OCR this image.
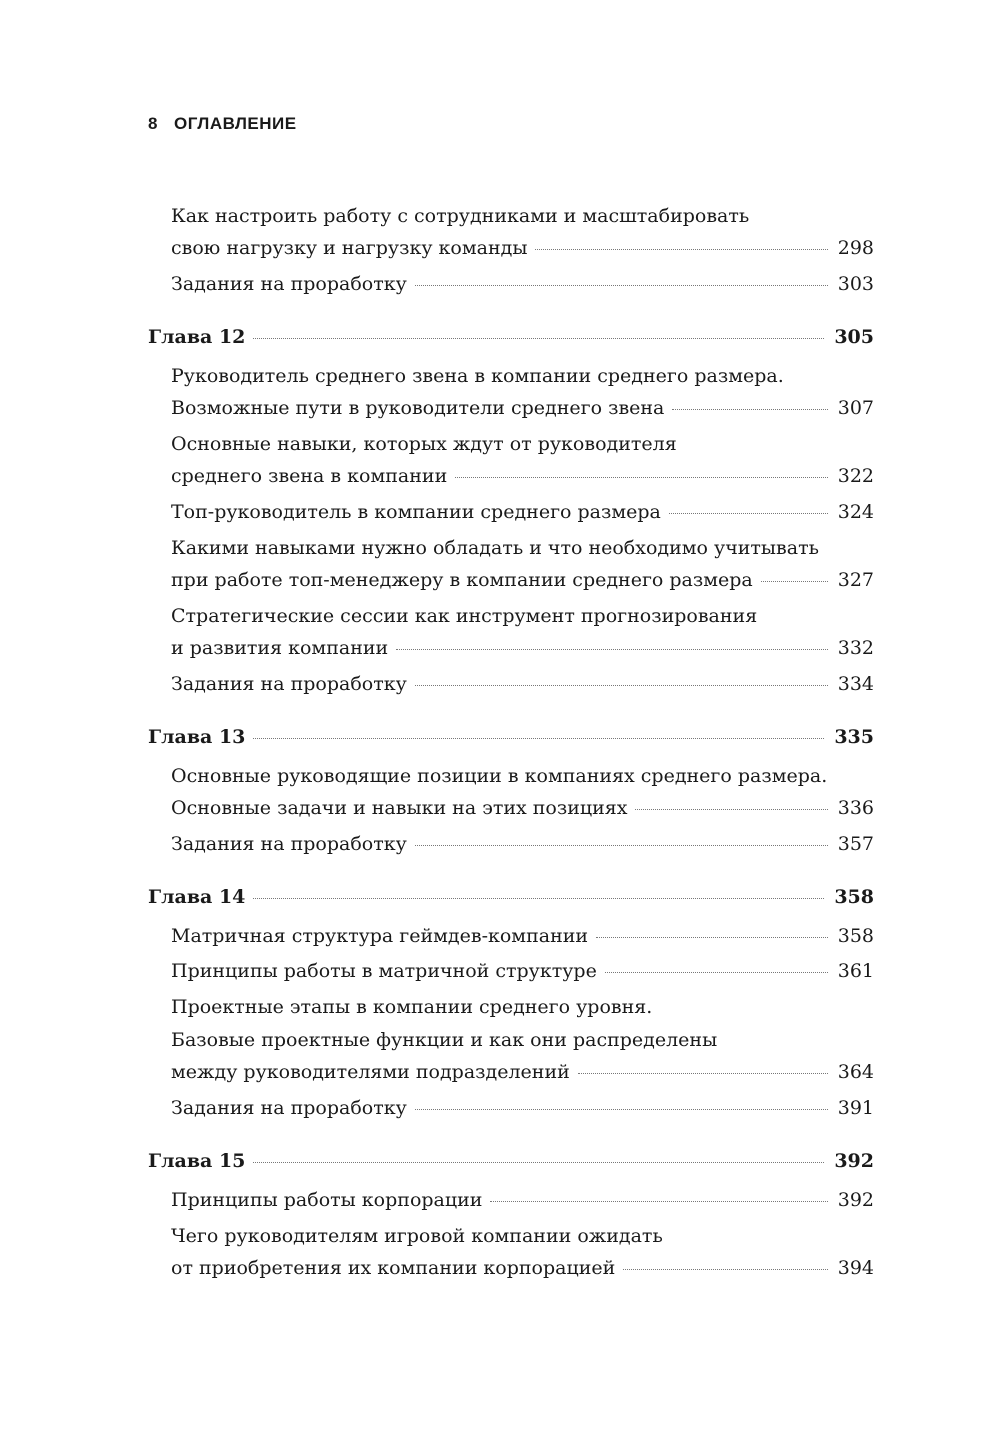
8 ОГЛАВЛЕНИЕ
Как настроить работу с сотрудниками и масштабировать
свою нагрузку и нагрузку команды	298
Задания на проработку	303
Глава 12	305
Руководитель среднего звена в компании среднего размера.
Возможные пути в руководители среднего звена	307
Основные навыки, которых ждут от руководителя
среднего звена в компании	322
Топ-руководитель в компании среднего размера	324
Какими навыками нужно обладать и что необходимо учитывать
при работе топ-менеджеру в компании среднего размера	327
Стратегические сессии как инструмент прогнозирования
и развития компании	332
Задания на проработку	334
Глава 13	335
Основные руководящие позиции в компаниях среднего размера.
Основные задачи и навыки на этих позициях	336
Задания на проработку	357
Глава 14	358
Матричная структура геймдев-компании	358
Принципы работы в матричной структуре	361
Проектные этапы в компании среднего уровня.
Базовые проектные функции и как они распределены
между руководителями подразделений	364
Задания на проработку	391
Глава 15	392
Принципы работы корпорации	392
Чего руководителям игровой компании ожидать
от приобретения их компании корпорацией	394
